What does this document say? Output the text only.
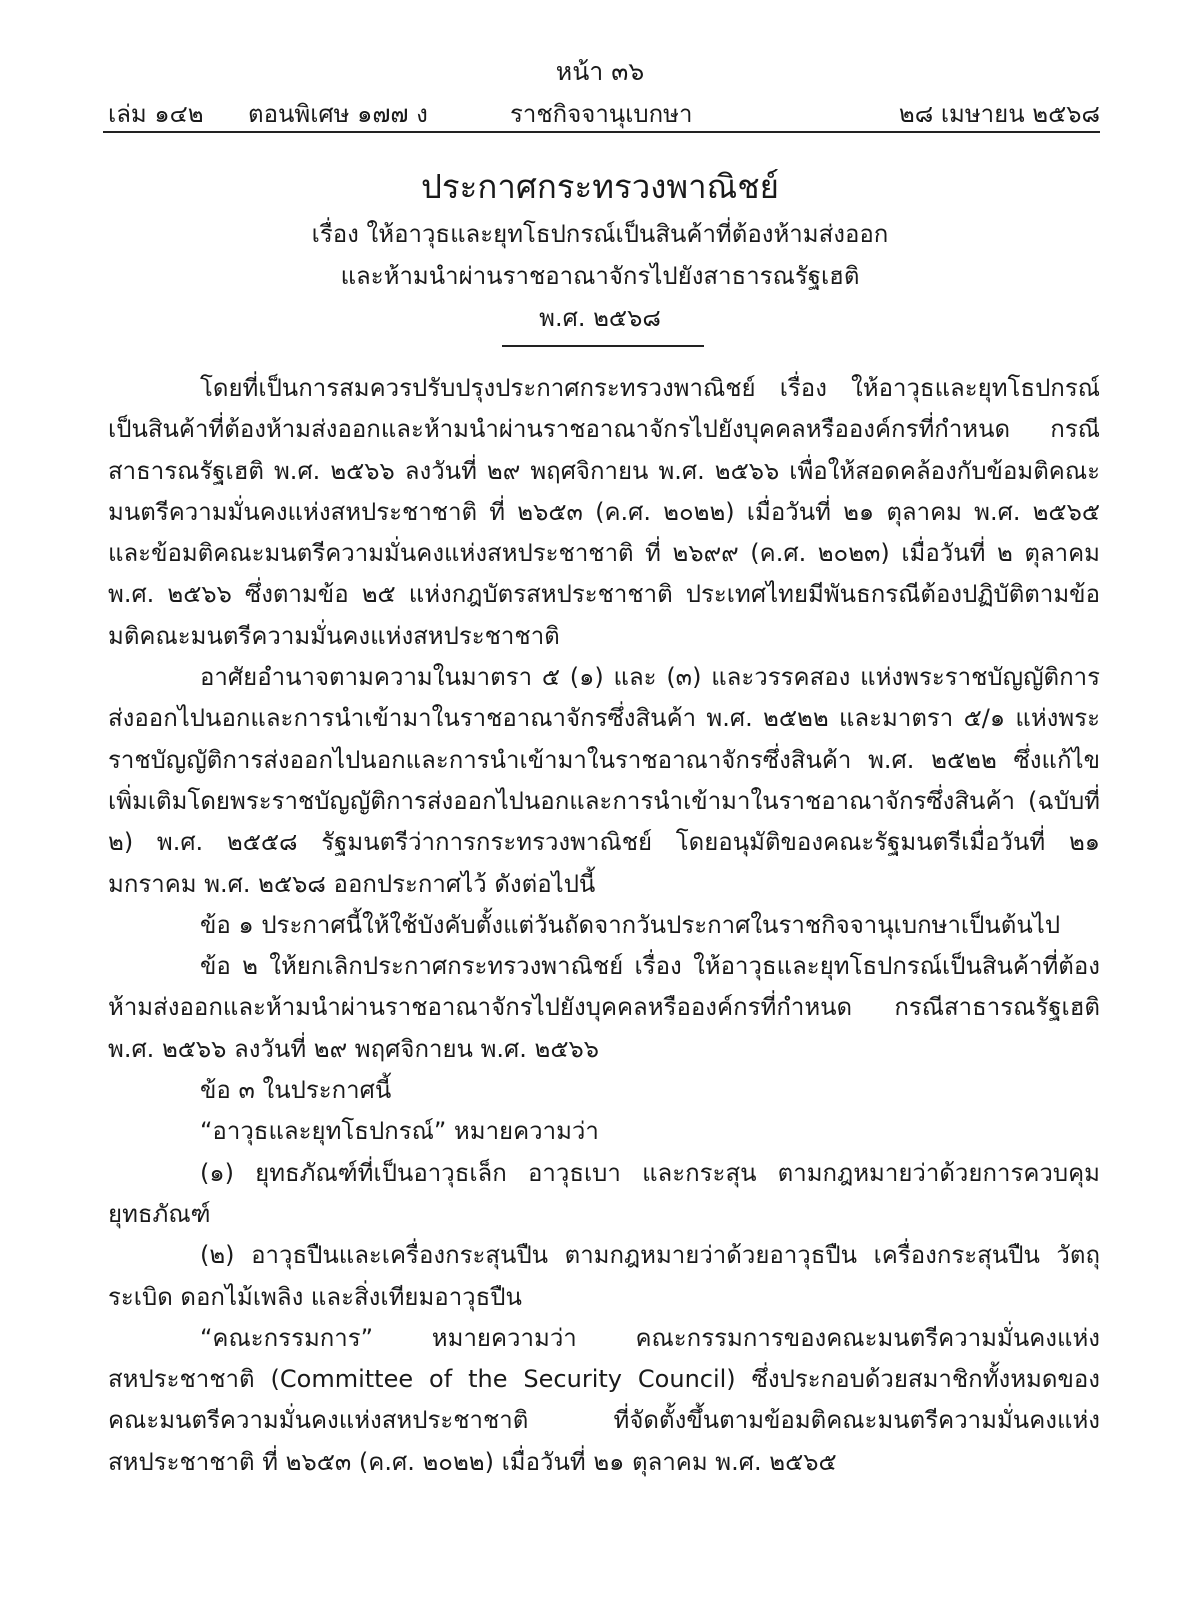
หน้า ๓๖
เล่ม ๑๔๒ ตอนพิเศษ ๑๗๗ ง	ราชกิจจานุเบกษา	๒๘ เมษายน ๒๕๖๘
ประกาศกระทรวงพาณิชย์
เรื่อง ให้อาวุธและยุทโธปกรณ์เป็นสินค้าที่ต้องห้ามส่งออก
และห้ามนำผ่านราชอาณาจักรไปยังสาธารณรัฐเฮติ
พ.ศ. ๒๕๖๘

โดยที่เป็นการสมควรปรับปรุงประกาศกระทรวงพาณิชย์ เรื่อง ให้อาวุธและยุทโธปกรณ์เป็นสินค้าที่ต้องห้ามส่งออกและห้ามนำผ่านราชอาณาจักรไปยังบุคคลหรือองค์กรที่กำหนด กรณีสาธารณรัฐเฮติ พ.ศ. ๒๕๖๖ ลงวันที่ ๒๙ พฤศจิกายน พ.ศ. ๒๕๖๖ เพื่อให้สอดคล้องกับข้อมติคณะมนตรีความมั่นคงแห่งสหประชาชาติ ที่ ๒๖๕๓ (ค.ศ. ๒๐๒๒) เมื่อวันที่ ๒๑ ตุลาคม พ.ศ. ๒๕๖๕ และข้อมติคณะมนตรีความมั่นคงแห่งสหประชาชาติ ที่ ๒๖๙๙ (ค.ศ. ๒๐๒๓) เมื่อวันที่ ๒ ตุลาคม พ.ศ. ๒๕๖๖ ซึ่งตามข้อ ๒๕ แห่งกฎบัตรสหประชาชาติ ประเทศไทยมีพันธกรณีต้องปฏิบัติตามข้อมติคณะมนตรีความมั่นคงแห่งสหประชาชาติ

อาศัยอำนาจตามความในมาตรา ๕ (๑) และ (๓) และวรรคสอง แห่งพระราชบัญญัติการส่งออกไปนอกและการนำเข้ามาในราชอาณาจักรซึ่งสินค้า พ.ศ. ๒๕๒๒ และมาตรา ๕/๑ แห่งพระราชบัญญัติการส่งออกไปนอกและการนำเข้ามาในราชอาณาจักรซึ่งสินค้า พ.ศ. ๒๕๒๒ ซึ่งแก้ไขเพิ่มเติมโดยพระราชบัญญัติการส่งออกไปนอกและการนำเข้ามาในราชอาณาจักรซึ่งสินค้า (ฉบับที่ ๒) พ.ศ. ๒๕๕๘ รัฐมนตรีว่าการกระทรวงพาณิชย์ โดยอนุมัติของคณะรัฐมนตรีเมื่อวันที่ ๒๑ มกราคม พ.ศ. ๒๕๖๘ ออกประกาศไว้ ดังต่อไปนี้

ข้อ ๑ ประกาศนี้ให้ใช้บังคับตั้งแต่วันถัดจากวันประกาศในราชกิจจานุเบกษาเป็นต้นไป

ข้อ ๒ ให้ยกเลิกประกาศกระทรวงพาณิชย์ เรื่อง ให้อาวุธและยุทโธปกรณ์เป็นสินค้าที่ต้องห้ามส่งออกและห้ามนำผ่านราชอาณาจักรไปยังบุคคลหรือองค์กรที่กำหนด กรณีสาธารณรัฐเฮติ พ.ศ. ๒๕๖๖ ลงวันที่ ๒๙ พฤศจิกายน พ.ศ. ๒๕๖๖

ข้อ ๓ ในประกาศนี้

“อาวุธและยุทโธปกรณ์” หมายความว่า

(๑) ยุทธภัณฑ์ที่เป็นอาวุธเล็ก อาวุธเบา และกระสุน ตามกฎหมายว่าด้วยการควบคุมยุทธภัณฑ์

(๒) อาวุธปืนและเครื่องกระสุนปืน ตามกฎหมายว่าด้วยอาวุธปืน เครื่องกระสุนปืน วัตถุระเบิด ดอกไม้เพลิง และสิ่งเทียมอาวุธปืน

“คณะกรรมการ” หมายความว่า คณะกรรมการของคณะมนตรีความมั่นคงแห่งสหประชาชาติ (Committee of the Security Council) ซึ่งประกอบด้วยสมาชิกทั้งหมดของคณะมนตรีความมั่นคงแห่งสหประชาชาติ ที่จัดตั้งขึ้นตามข้อมติคณะมนตรีความมั่นคงแห่งสหประชาชาติ ที่ ๒๖๕๓ (ค.ศ. ๒๐๒๒) เมื่อวันที่ ๒๑ ตุลาคม พ.ศ. ๒๕๖๕
